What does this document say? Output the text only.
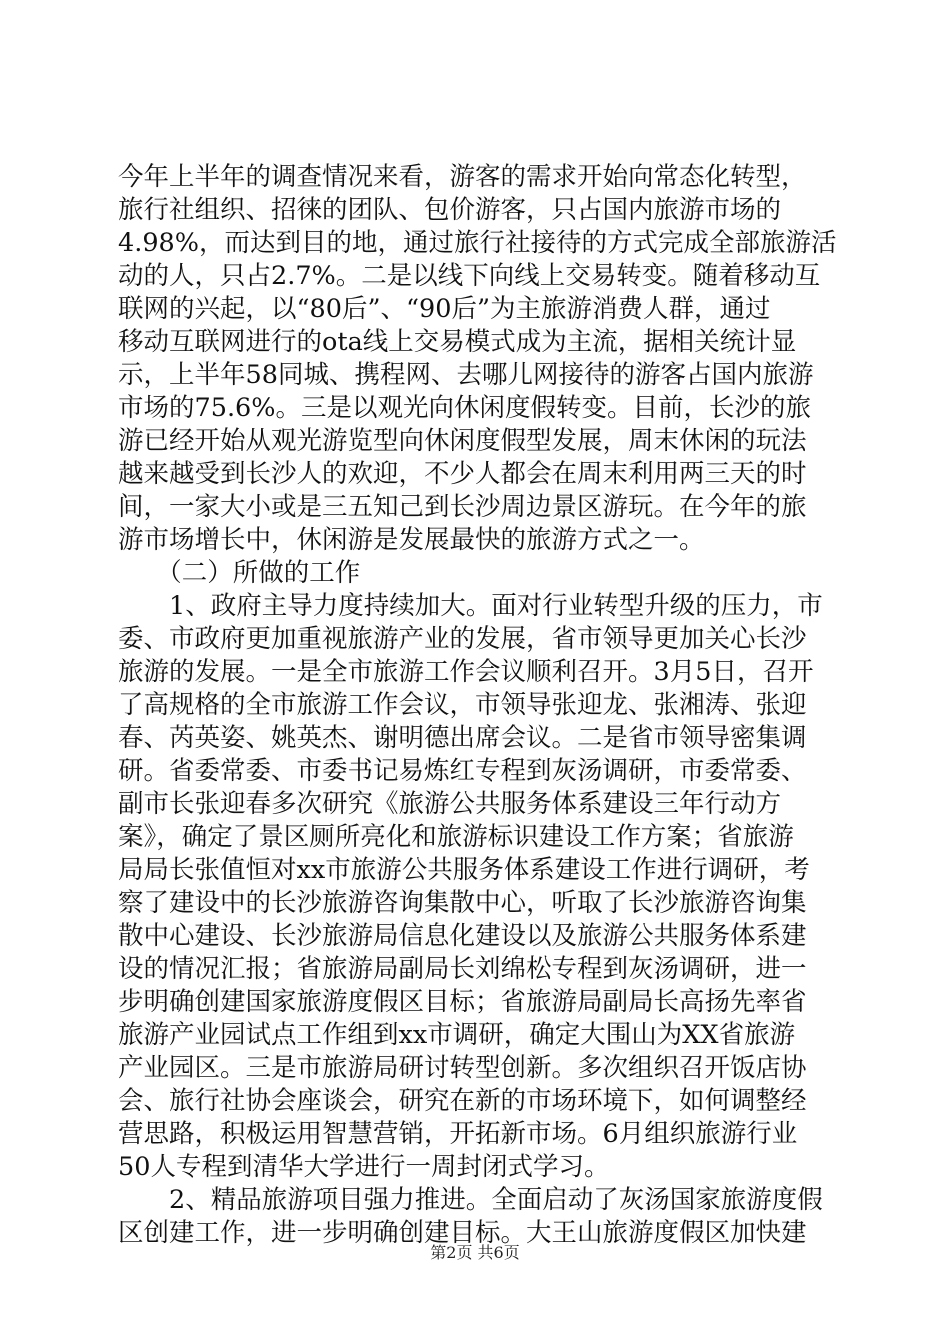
今年上半年的调查情况来看，游客的需求开始向常态化转型，
旅行社组织、招徕的团队、包价游客，只占国内旅游市场的
4.98%，而达到目的地，通过旅行社接待的方式完成全部旅游活
动的人，只占2.7%。二是以线下向线上交易转变。随着移动互
联网的兴起，以“80后”、“90后”为主旅游消费人群，通过
移动互联网进行的ota线上交易模式成为主流，据相关统计显
示，上半年58同城、携程网、去哪儿网接待的游客占国内旅游
市场的75.6%。三是以观光向休闲度假转变。目前，长沙的旅
游已经开始从观光游览型向休闲度假型发展，周末休闲的玩法
越来越受到长沙人的欢迎，不少人都会在周末利用两三天的时
间，一家大小或是三五知己到长沙周边景区游玩。在今年的旅
游市场增长中，休闲游是发展最快的旅游方式之一。
　　（二）所做的工作
　　1、政府主导力度持续加大。面对行业转型升级的压力，市
委、市政府更加重视旅游产业的发展，省市领导更加关心长沙
旅游的发展。一是全市旅游工作会议顺利召开。3月5日，召开
了高规格的全市旅游工作会议，市领导张迎龙、张湘涛、张迎
春、芮英姿、姚英杰、谢明德出席会议。二是省市领导密集调
研。省委常委、市委书记易炼红专程到灰汤调研，市委常委、
副市长张迎春多次研究《旅游公共服务体系建设三年行动方
案》，确定了景区厕所亮化和旅游标识建设工作方案；省旅游
局局长张值恒对xx市旅游公共服务体系建设工作进行调研，考
察了建设中的长沙旅游咨询集散中心，听取了长沙旅游咨询集
散中心建设、长沙旅游局信息化建设以及旅游公共服务体系建
设的情况汇报；省旅游局副局长刘绵松专程到灰汤调研，进一
步明确创建国家旅游度假区目标；省旅游局副局长高扬先率省
旅游产业园试点工作组到xx市调研，确定大围山为XX省旅游
产业园区。三是市旅游局研讨转型创新。多次组织召开饭店协
会、旅行社协会座谈会，研究在新的市场环境下，如何调整经
营思路，积极运用智慧营销，开拓新市场。6月组织旅游行业
50人专程到清华大学进行一周封闭式学习。
　　2、精品旅游项目强力推进。全面启动了灰汤国家旅游度假
区创建工作，进一步明确创建目标。大王山旅游度假区加快建
第2页 共6页
